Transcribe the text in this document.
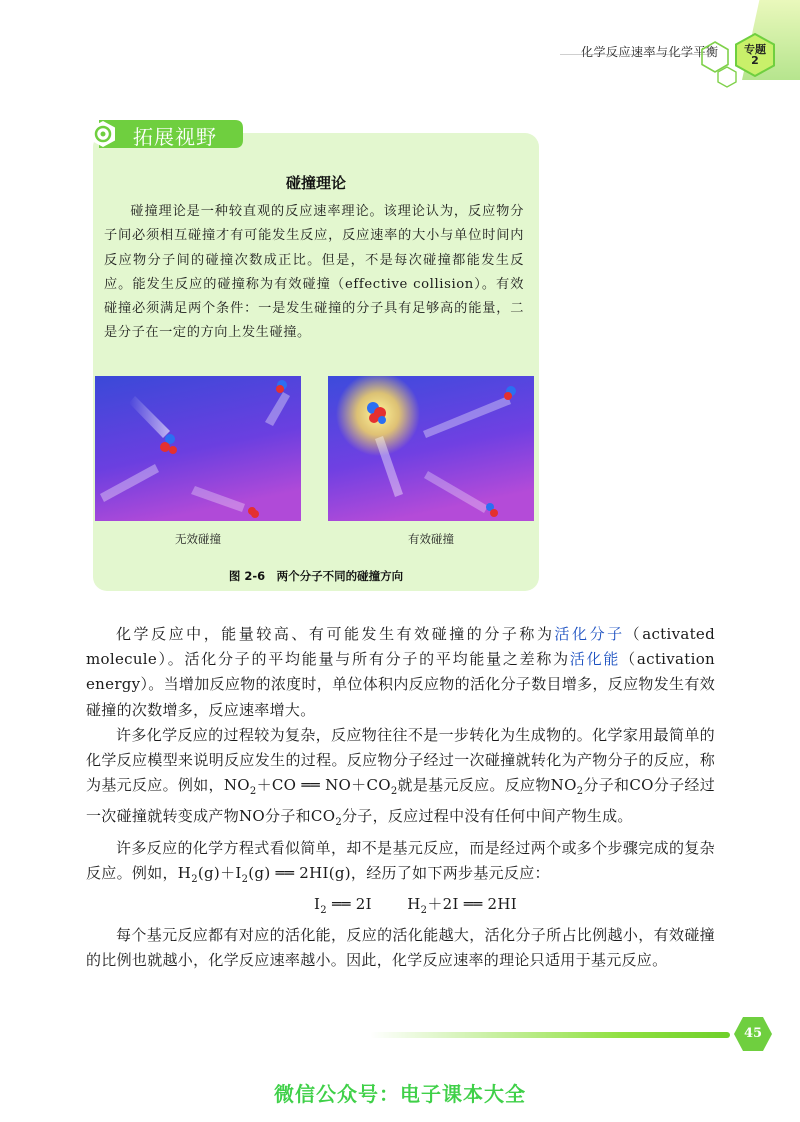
化学反应速率与化学平衡	专题
2
拓展视野
碰撞理论

碰撞理论是一种较直观的反应速率理论。该理论认为，反应物分子间必须相互碰撞才有可能发生反应，反应速率的大小与单位时间内反应物分子间的碰撞次数成正比。但是，不是每次碰撞都能发生反应。能发生反应的碰撞称为有效碰撞（effective collision）。有效碰撞必须满足两个条件：一是发生碰撞的分子具有足够高的能量，二是分子在一定的方向上发生碰撞。

无效碰撞	有效碰撞
图 2-6　两个分子不同的碰撞方向

化学反应中，能量较高、有可能发生有效碰撞的分子称为活化分子（activated molecule）。活化分子的平均能量与所有分子的平均能量之差称为活化能（activation energy）。当增加反应物的浓度时，单位体积内反应物的活化分子数目增多，反应物发生有效碰撞的次数增多，反应速率增大。

许多化学反应的过程较为复杂，反应物往往不是一步转化为生成物的。化学家用最简单的化学反应模型来说明反应发生的过程。反应物分子经过一次碰撞就转化为产物分子的反应，称为基元反应。例如，$NO_2+CO$ ══ $NO+CO_2$就是基元反应。反应物$NO_2$分子和CO分子经过一次碰撞就转变成产物NO分子和$CO_2$分子，反应过程中没有任何中间产物生成。

许多反应的化学方程式看似简单，却不是基元反应，而是经过两个或多个步骤完成的复杂反应。例如，$H_2(g)+I_2(g)$ ══ 2HI(g)，经历了如下两步基元反应：

$I_2$ ══ 2I $H_2+2I$ ══ 2HI

每个基元反应都有对应的活化能，反应的活化能越大，活化分子所占比例越小，有效碰撞的比例也就越小，化学反应速率越小。因此，化学反应速率的理论只适用于基元反应。

45
微信公众号：电子课本大全
